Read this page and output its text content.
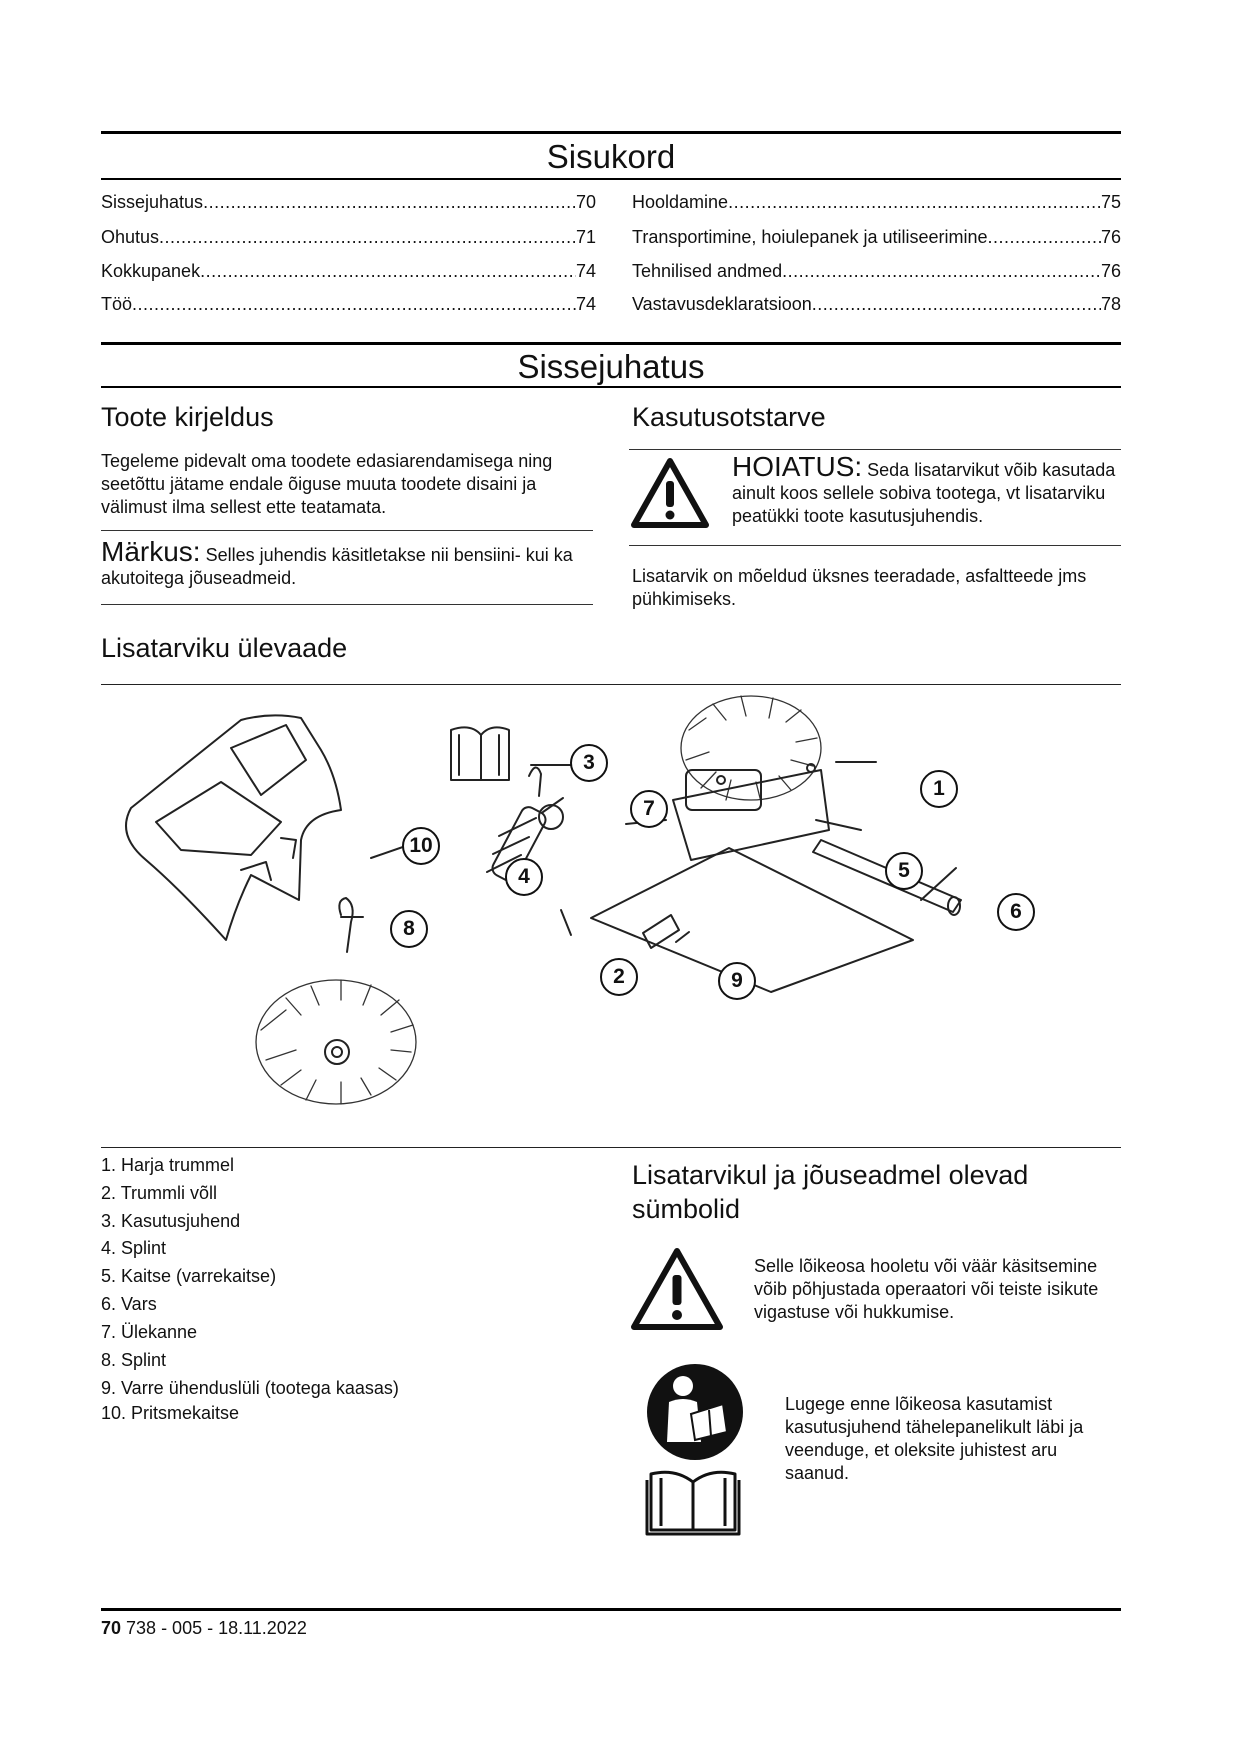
Sisukord
Sissejuhatus .....	70
Ohutus .....	71
Kokkupanek .....	74
Töö .....	74
Hooldamine .....	75
Transportimine, hoiulepanek ja utiliseerimine .....	76
Tehnilised andmed .....	76
Vastavusdeklaratsioon .....	78
Sissejuhatus
Toote kirjeldus
Tegeleme pidevalt oma toodete edasiarendamisega ning seetõttu jätame endale õiguse muuta toodete disaini ja välimust ilma sellest ette teatamata.
Märkus: Selles juhendis käsitletakse nii bensiini- kui ka akutoitega jõuseadmeid.
Kasutusotstarve
HOIATUS: Seda lisatarvikut võib kasutada ainult koos sellele sobiva tootega, vt lisatarviku peatükki toote kasutusjuhendis.
Lisatarvik on mõeldud üksnes teeradade, asfaltteede jms pühkimiseks.
Lisatarviku ülevaade
1
2
3
4	5
6
7
8
9
10
1. Harja trummel
2. Trummli võll
3. Kasutusjuhend
4. Splint
5. Kaitse (varrekaitse)
6. Vars
7. Ülekanne
8. Splint
9. Varre ühenduslüli (tootega kaasas)
10. Pritsmekaitse
Lisatarvikul ja jõuseadmel olevad sümbolid
Selle lõikeosa hooletu või väär käsitsemine võib põhjustada operaatori või teiste isikute vigastuse või hukkumise.
Lugege enne lõikeosa kasutamist kasutusjuhend tähelepanelikult läbi ja veenduge, et oleksite juhistest aru saanud.
70 738 - 005 - 18.11.2022
